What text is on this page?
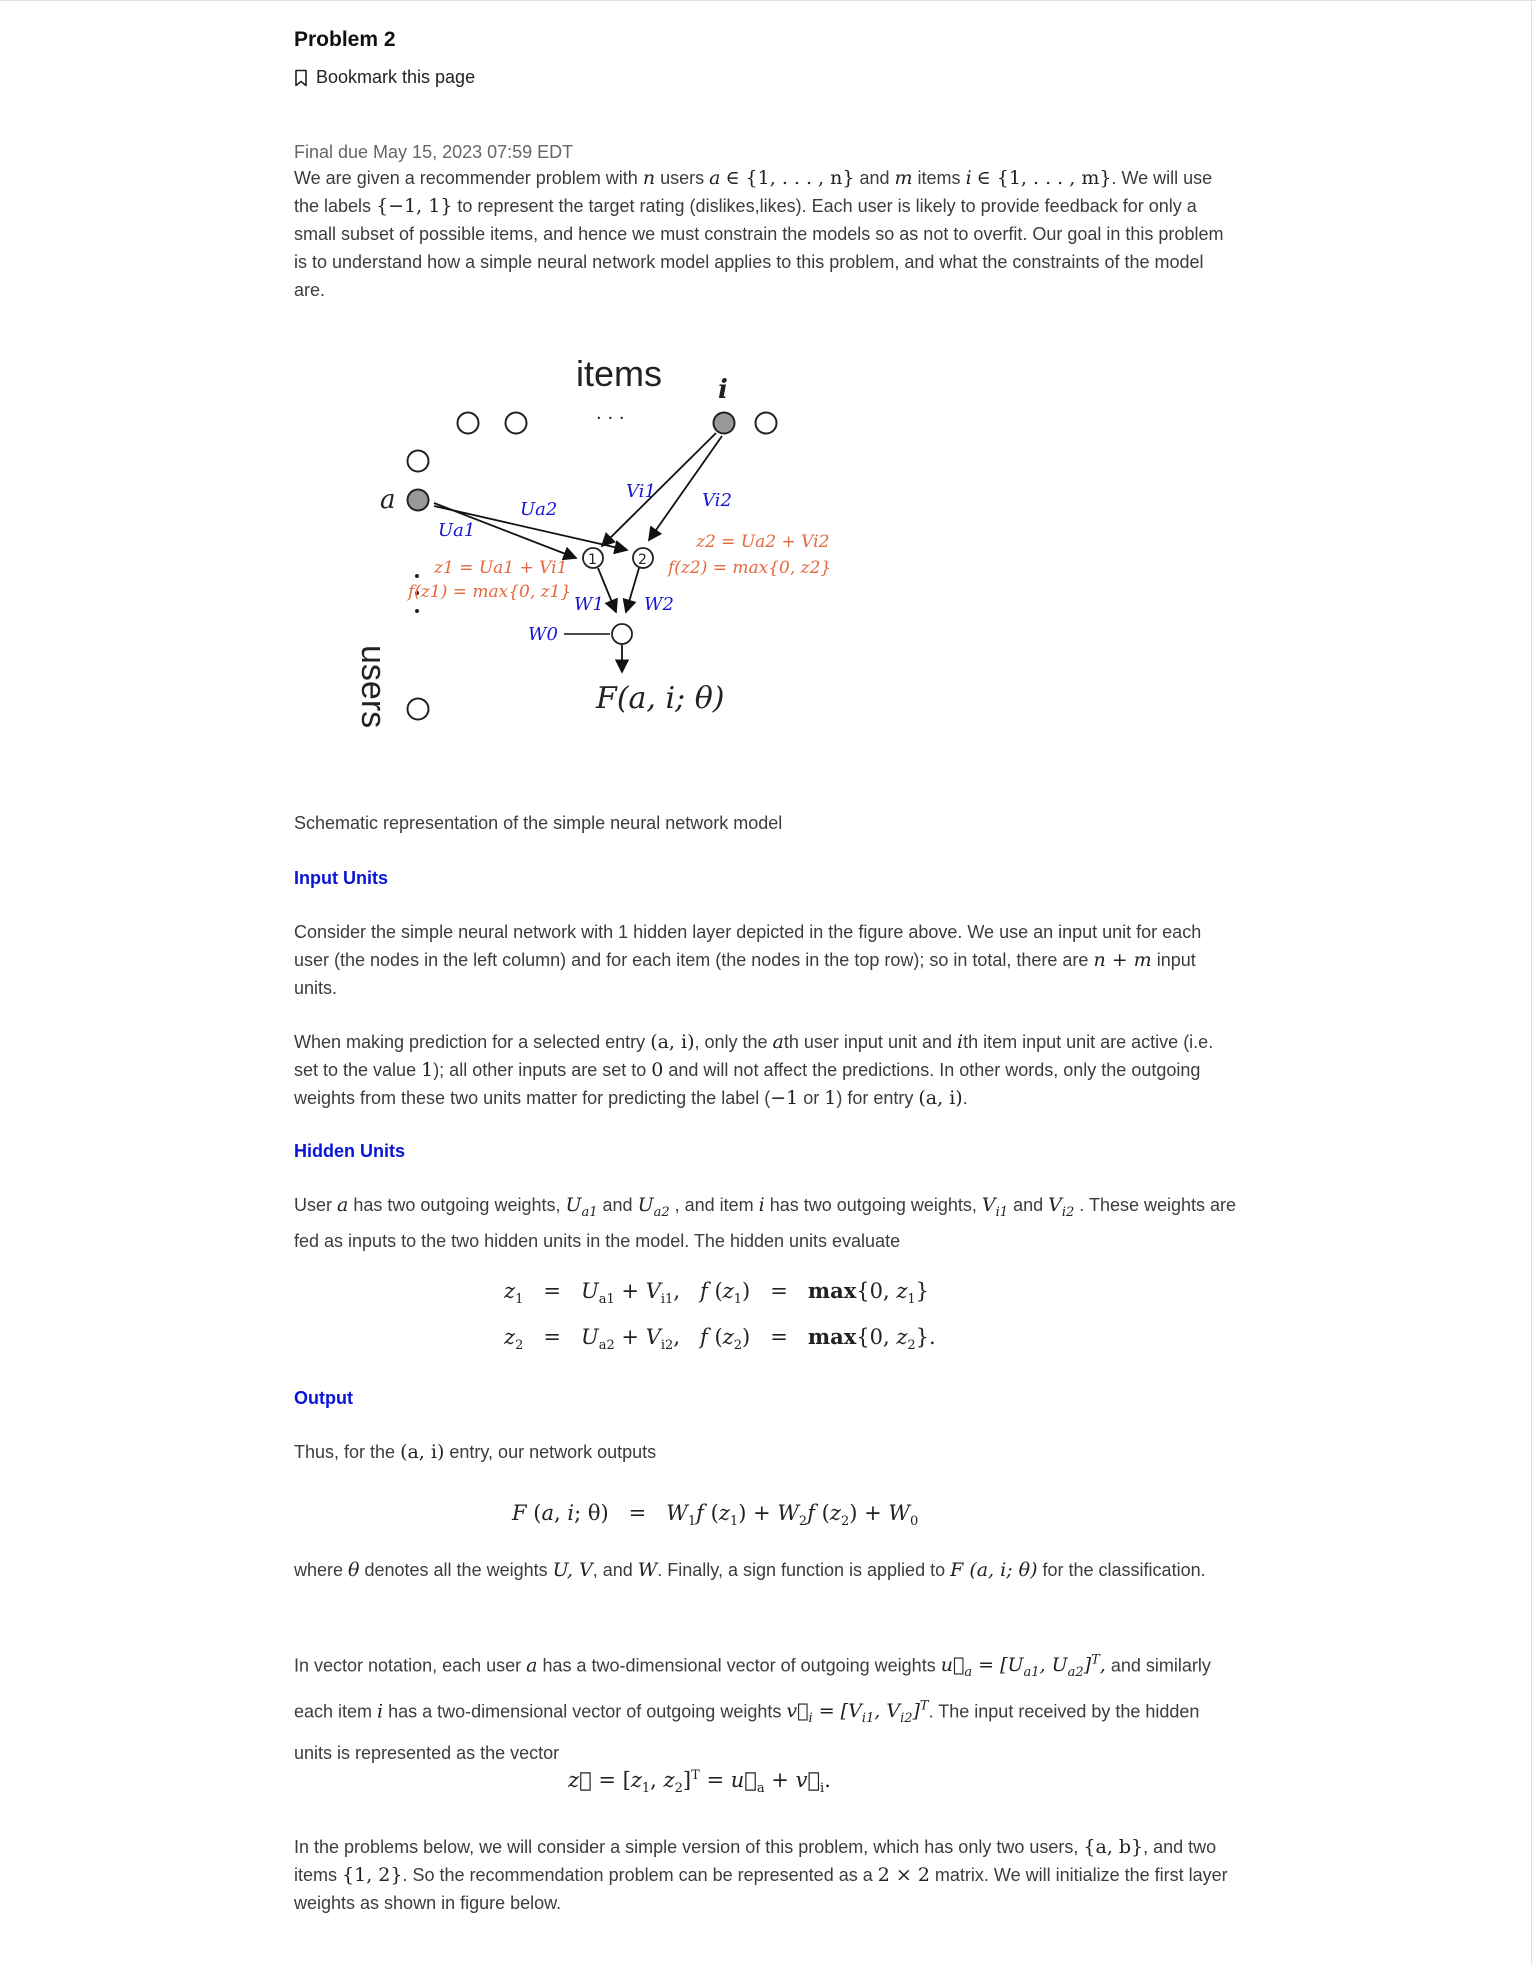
Problem 2
Bookmark this page
Final due May 15, 2023 07:59 EDT

We are given a recommender problem with n users a ∈ {1, . . . , n} and m items i ∈ {1, . . . , m}. We will use the labels {−1, 1} to represent the target rating (dislikes,likes). Each user is likely to provide feedback for only a small subset of possible items, and hence we must constrain the models so as not to overfit. Our goal in this problem is to understand how a simple neural network model applies to this problem, and what the constraints of the model are.

items
· · ·
i
users
a
1	2
Ua1
Ua2
Vi1	Vi2
W1 W2
W0
z1 = Ua1 + Vi1
f(z1) = max{0, z1}
z2 = Ua2 + Vi2
f(z2) = max{0, z2}
F(a, i; θ)
Schematic representation of the simple neural network model
Input Units

Consider the simple neural network with 1 hidden layer depicted in the figure above. We use an input unit for each user (the nodes in the left column) and for each item (the nodes in the top row); so in total, there are n + m input units.

When making prediction for a selected entry (a, i), only the ath user input unit and ith item input unit are active (i.e. set to the value 1); all other inputs are set to 0 and will not affect the predictions. In other words, only the outgoing weights from these two units matter for predicting the label (−1 or 1) for entry (a, i).

Hidden Units

User a has two outgoing weights, $U_{a1}$ and $U_{a2}$ , and item i has two outgoing weights, $V_{i1}$ and $V_{i2}$ . These weights are fed as inputs to the two hidden units in the model. The hidden units evaluate

$z_1 = U_{a1} + V_{i1}$,   f $(z_1) = \max\{0$, $z_1$}
$z_2 = U_{a2} + V_{i2}$,   f $(z_2) = \max\{0$, $z_2$}.
Output

Thus, for the (a, i) entry, our network outputs

F (a, i; $\theta) = W_1f$ $(z_1) + W_2f$ $(z_2) + W_0$

where θ denotes all the weights U, V, and W. Finally, a sign function is applied to F (a, i; θ) for the classification.

In vector notation, each user a has a two-dimensional vector of outgoing weights $u⃗_a = [U_{a1}$, $U_{a2}]^T$, and similarly each item i has a two-dimensional vector of outgoing weights $v⃗_i = [V_{i1}$, $V_{i2}]^T$. The input received by the hidden units is represented as the vector

z⃗ = [$z_1$, $z_2]^T$ = $u⃗_a$ + $v⃗_i$.

In the problems below, we will consider a simple version of this problem, which has only two users, {a, b}, and two items {1, 2}. So the recommendation problem can be represented as a 2 × 2 matrix. We will initialize the first layer weights as shown in figure below.
